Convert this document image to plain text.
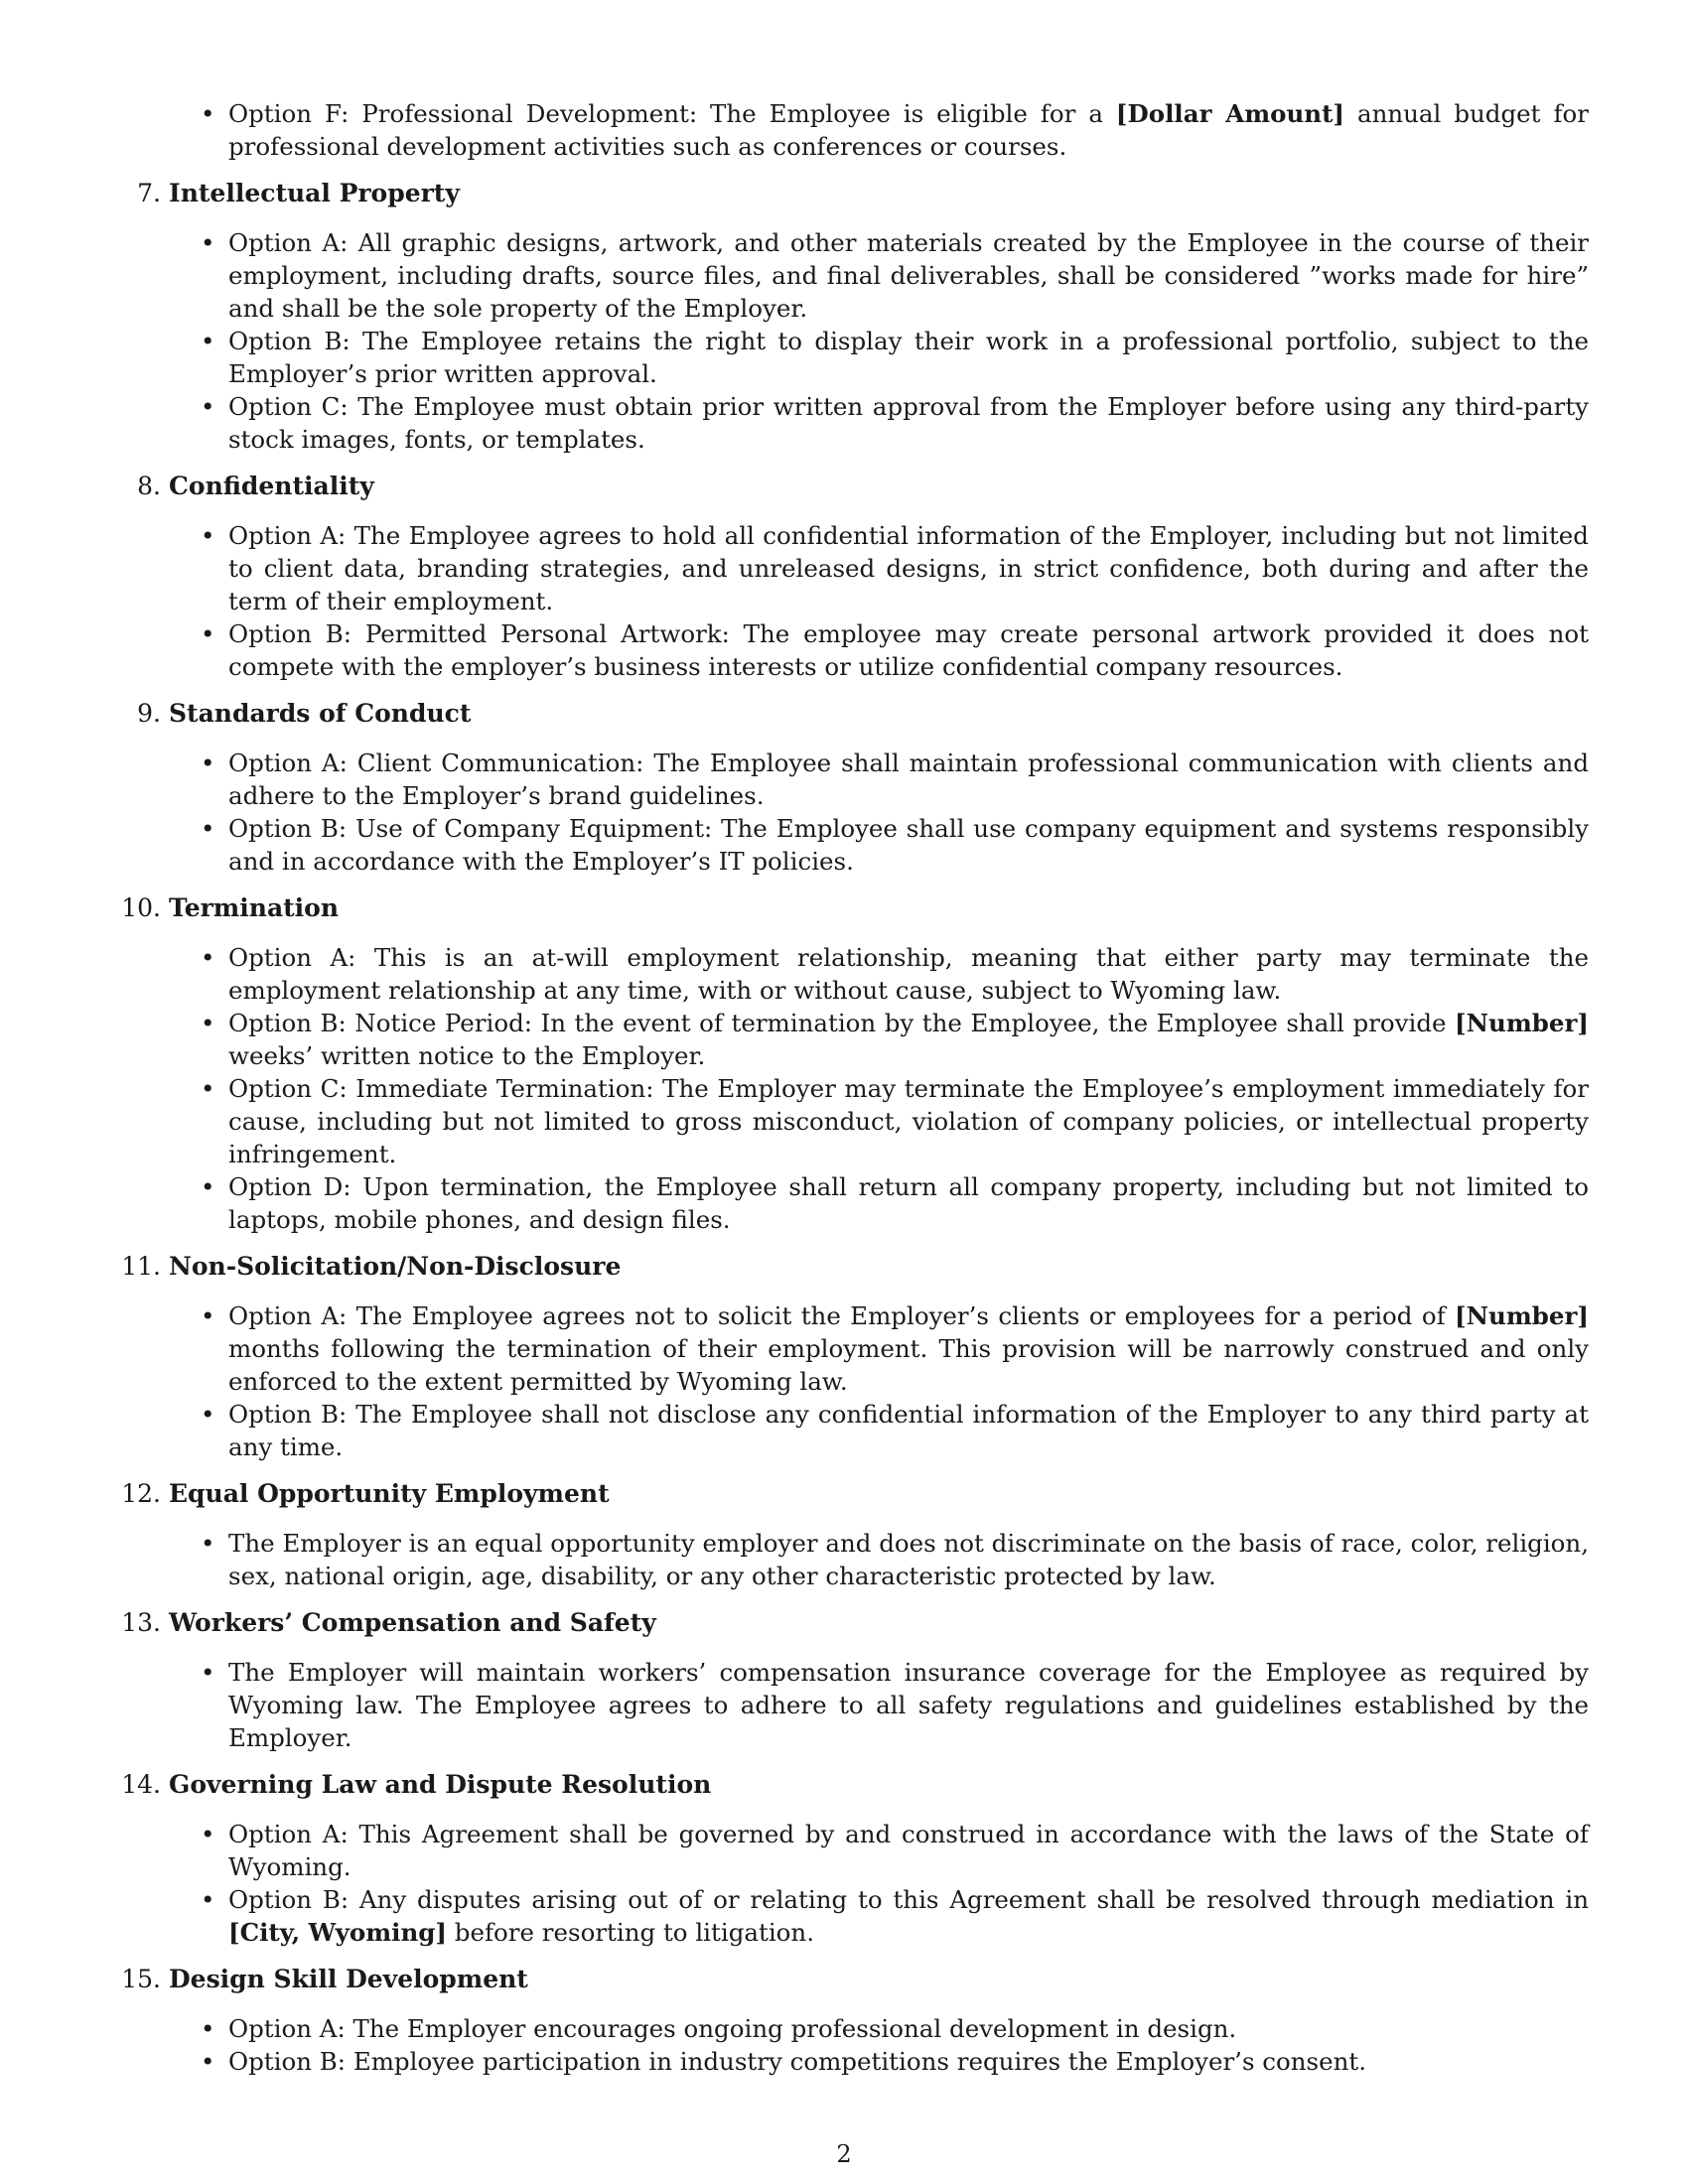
• Option F: Professional Development: The Employee is eligible for a [Dollar Amount] annual budget for professional development activities such as conferences or courses.
7. Intellectual Property
• Option A: All graphic designs, artwork, and other materials created by the Employee in the course of their employment, including drafts, source files, and final deliverables, shall be considered ”works made for hire” and shall be the sole property of the Employer.
• Option B: The Employee retains the right to display their work in a professional portfolio, subject to the Employer’s prior written approval.
• Option C: The Employee must obtain prior written approval from the Employer before using any third-party stock images, fonts, or templates.
8. Confidentiality
• Option A: The Employee agrees to hold all confidential information of the Employer, including but not limited to client data, branding strategies, and unreleased designs, in strict confidence, both during and after the term of their employment.
• Option B: Permitted Personal Artwork: The employee may create personal artwork provided it does not compete with the employer’s business interests or utilize confidential company resources.
9. Standards of Conduct
• Option A: Client Communication: The Employee shall maintain professional communication with clients and adhere to the Employer’s brand guidelines.
• Option B: Use of Company Equipment: The Employee shall use company equipment and systems responsibly and in accordance with the Employer’s IT policies.
10. Termination
• Option A: This is an at-will employment relationship, meaning that either party may terminate the employment relationship at any time, with or without cause, subject to Wyoming law.
• Option B: Notice Period: In the event of termination by the Employee, the Employee shall provide [Number] weeks’ written notice to the Employer.
• Option C: Immediate Termination: The Employer may terminate the Employee’s employment immediately for cause, including but not limited to gross misconduct, violation of company policies, or intellectual property infringement.
• Option D: Upon termination, the Employee shall return all company property, including but not limited to laptops, mobile phones, and design files.
11. Non-Solicitation/Non-Disclosure
• Option A: The Employee agrees not to solicit the Employer’s clients or employees for a period of [Number] months following the termination of their employment. This provision will be narrowly construed and only enforced to the extent permitted by Wyoming law.
• Option B: The Employee shall not disclose any confidential information of the Employer to any third party at any time.
12. Equal Opportunity Employment
• The Employer is an equal opportunity employer and does not discriminate on the basis of race, color, religion, sex, national origin, age, disability, or any other characteristic protected by law.
13. Workers’ Compensation and Safety
• The Employer will maintain workers’ compensation insurance coverage for the Employee as required by Wyoming law. The Employee agrees to adhere to all safety regulations and guidelines established by the Employer.
14. Governing Law and Dispute Resolution
• Option A: This Agreement shall be governed by and construed in accordance with the laws of the State of Wyoming.
• Option B: Any disputes arising out of or relating to this Agreement shall be resolved through mediation in [City, Wyoming] before resorting to litigation.
15. Design Skill Development
• Option A: The Employer encourages ongoing professional development in design.
• Option B: Employee participation in industry competitions requires the Employer’s consent.
2
